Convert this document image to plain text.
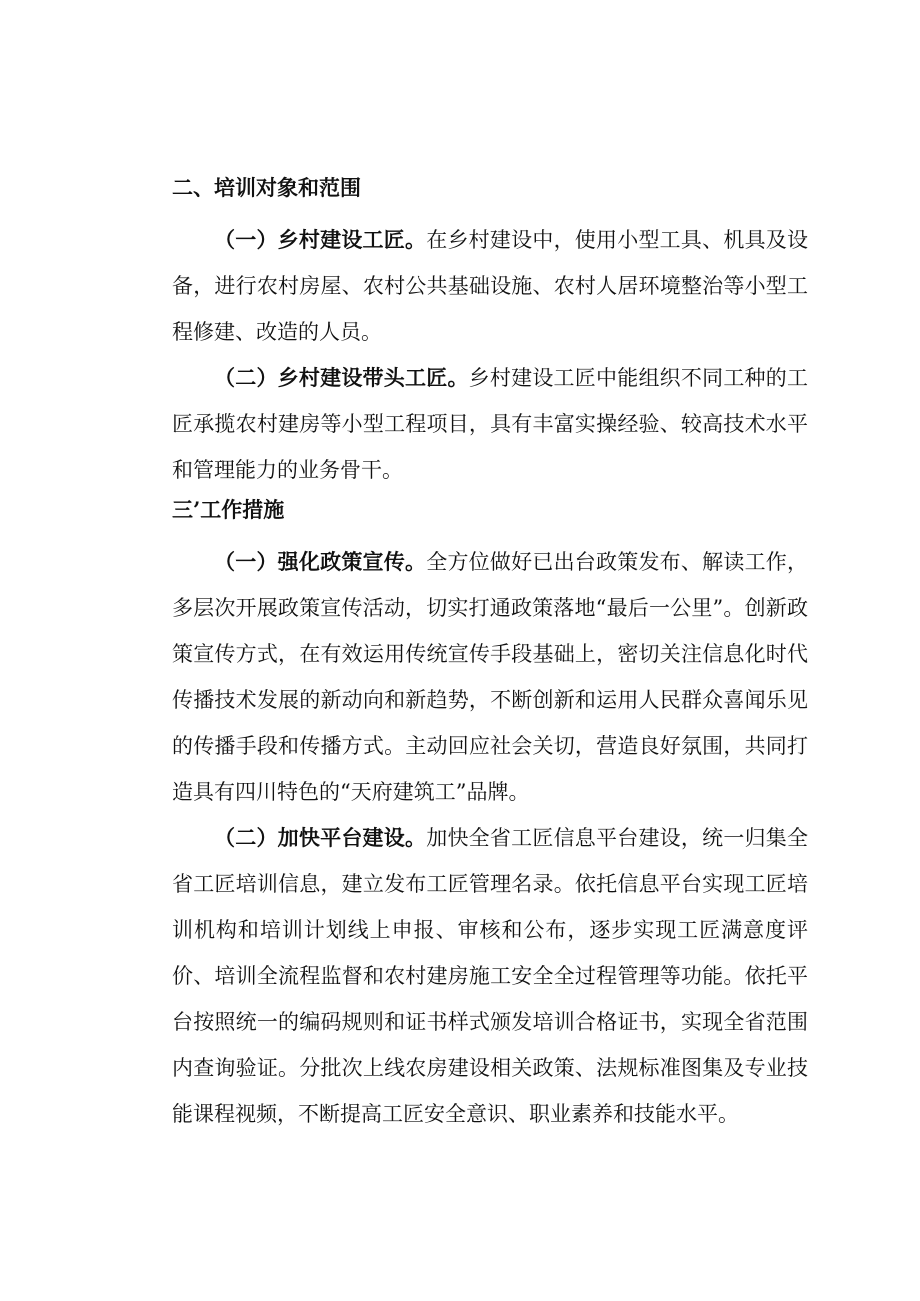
二、培训对象和范围

（一）乡村建设工匠。在乡村建设中，使用小型工具、机具及设备，进行农村房屋、农村公共基础设施、农村人居环境整治等小型工程修建、改造的人员。

（二）乡村建设带头工匠。乡村建设工匠中能组织不同工种的工匠承揽农村建房等小型工程项目，具有丰富实操经验、较高技术水平和管理能力的业务骨干。

三’工作措施

（一）强化政策宣传。全方位做好已出台政策发布、解读工作，多层次开展政策宣传活动，切实打通政策落地“最后一公里”。创新政策宣传方式，在有效运用传统宣传手段基础上，密切关注信息化时代传播技术发展的新动向和新趋势，不断创新和运用人民群众喜闻乐见的传播手段和传播方式。主动回应社会关切，营造良好氛围，共同打造具有四川特色的“天府建筑工”品牌。

（二）加快平台建设。加快全省工匠信息平台建设，统一归集全省工匠培训信息，建立发布工匠管理名录。依托信息平台实现工匠培训机构和培训计划线上申报、审核和公布，逐步实现工匠满意度评价、培训全流程监督和农村建房施工安全全过程管理等功能。依托平台按照统一的编码规则和证书样式颁发培训合格证书，实现全省范围内查询验证。分批次上线农房建设相关政策、法规标准图集及专业技能课程视频，不断提高工匠安全意识、职业素养和技能水平。
